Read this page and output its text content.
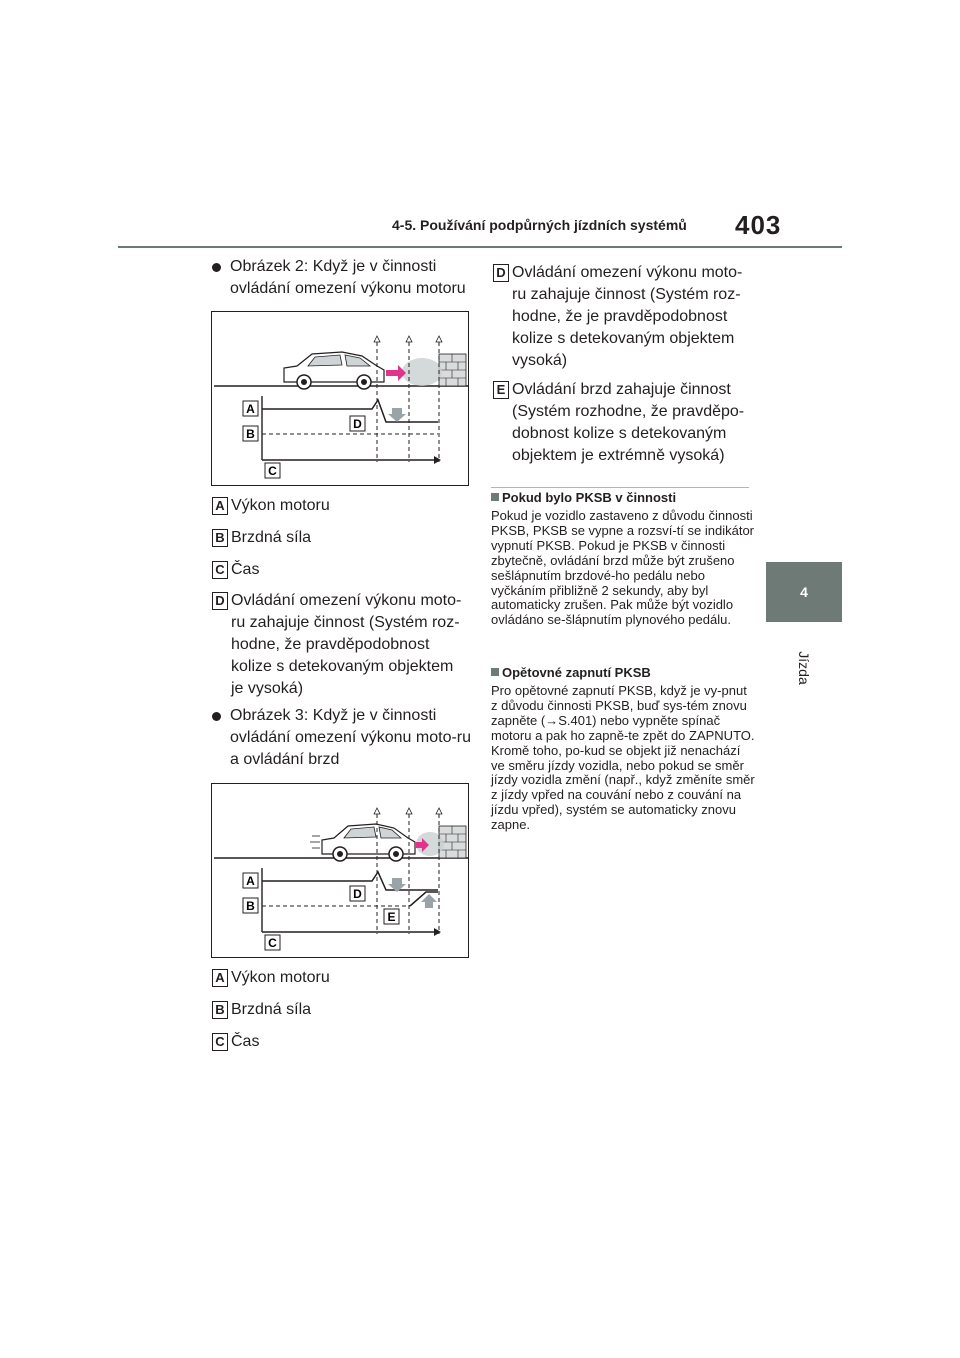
4-5. Používání podpůrných jízdních systémů 403
4
Jízda
Obrázek 2: Když je v činnosti ovládání omezení výkonu motoru
A
B
C
D
A Výkon motoru
B Brzdná síla
C Čas
D Ovládání omezení výkonu moto-ru zahajuje činnost (Systém roz-hodne, že pravděpodobnost kolize s detekovaným objektem je vysoká)
Obrázek 3: Když je v činnosti ovládání omezení výkonu moto-ru a ovládání brzd
A
B
C
D
E
A Výkon motoru
B Brzdná síla
C Čas
D Ovládání omezení výkonu moto-ru zahajuje činnost (Systém roz-hodne, že je pravděpodobnost kolize s detekovaným objektem vysoká)
E Ovládání brzd zahajuje činnost (Systém rozhodne, že pravděpo-dobnost kolize s detekovaným objektem je extrémně vysoká)
Pokud bylo PKSB v činnosti
Pokud je vozidlo zastaveno z důvodu činnosti PKSB, PKSB se vypne a rozsví-tí se indikátor vypnutí PKSB. Pokud je PKSB v činnosti zbytečně, ovládání brzd může být zrušeno sešlápnutím brzdové-ho pedálu nebo vyčkáním přibližně 2 sekundy, aby byl automaticky zrušen. Pak může být vozidlo ovládáno se-šlápnutím plynového pedálu.
Opětovné zapnutí PKSB
Pro opětovné zapnutí PKSB, když je vy-pnut z důvodu činnosti PKSB, buď sys-tém znovu zapněte (→S.401) nebo vypněte spínač motoru a pak ho zapně-te zpět do ZAPNUTO. Kromě toho, po-kud se objekt již nenachází ve směru jízdy vozidla, nebo pokud se směr jízdy vozidla změní (např., když změníte směr z jízdy vpřed na couvání nebo z couvání na jízdu vpřed), systém se automaticky znovu zapne.
